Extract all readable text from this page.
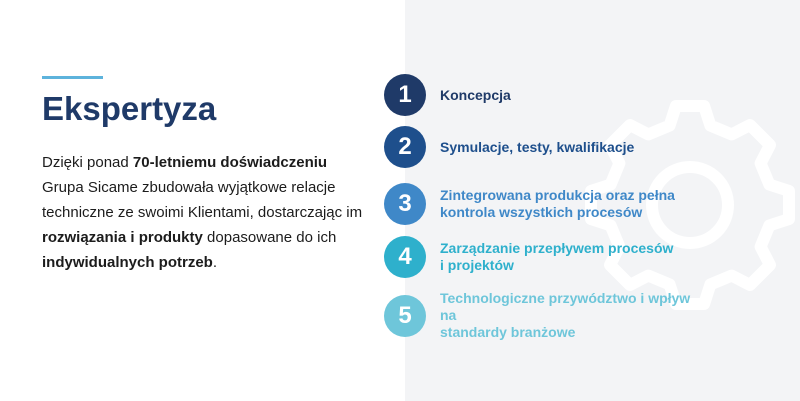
Ekspertyza

Dzięki ponad 70-letniemu doświadczeniu Grupa Sicame zbudowała wyjątkowe relacje techniczne ze swoimi Klientami, dostarczając im rozwiązania i produkty dopasowane do ich indywidualnych potrzeb.

1	Koncepcja
2	Symulacje, testy, kwalifikacje
3	Zintegrowana produkcja oraz pełna
kontrola wszystkich procesów
4	Zarządzanie przepływem procesów
i projektów
5
Technologiczne przywództwo i wpływ na
standardy branżowe
